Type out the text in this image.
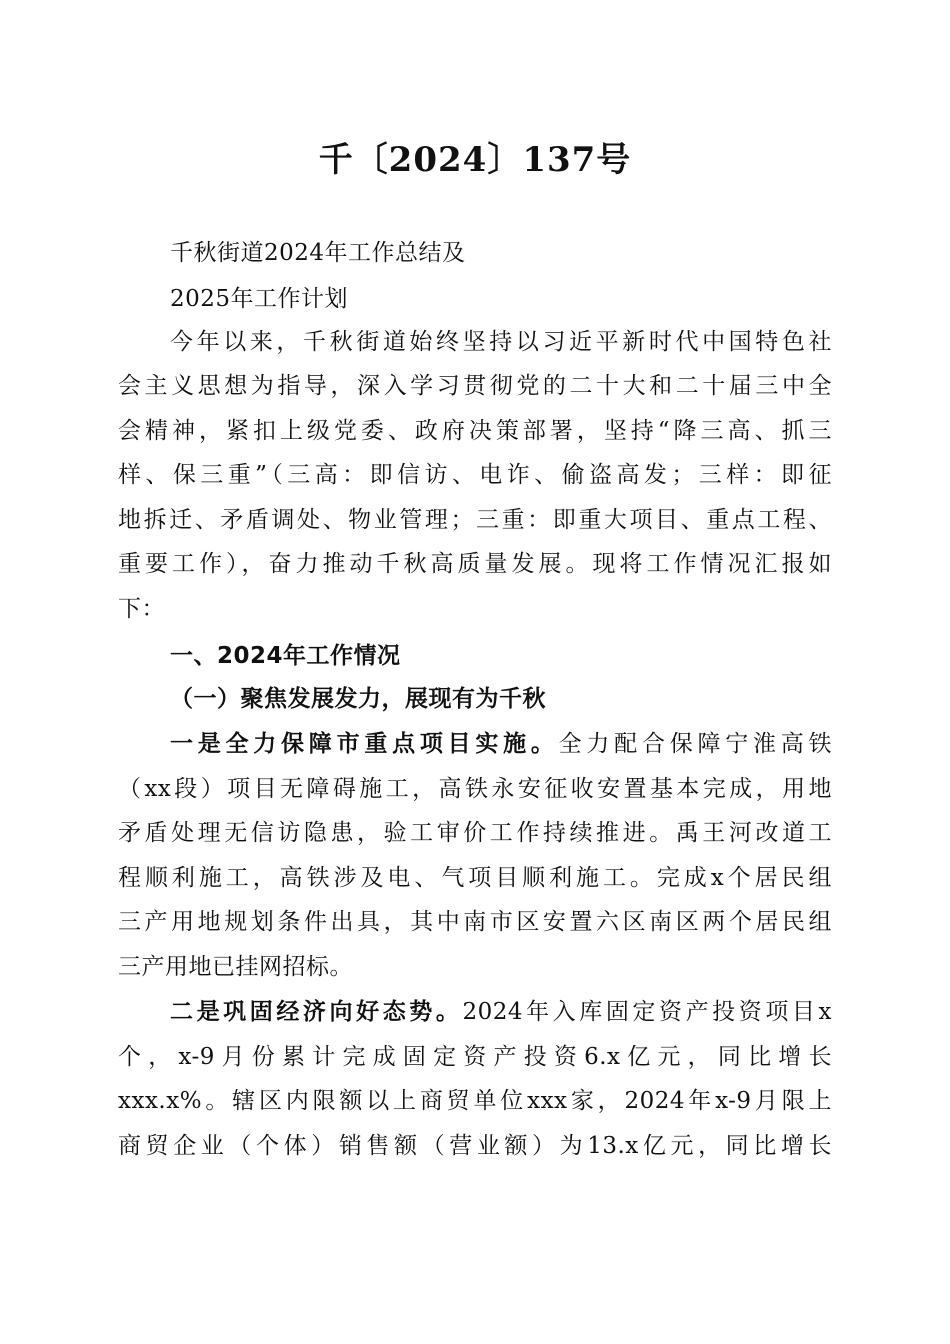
千〔2024〕137号
千秋街道2024年工作总结及
2025年工作计划
今年以来，千秋街道始终坚持以习近平新时代中国特色社
会主义思想为指导，深入学习贯彻党的二十大和二十届三中全
会精神，紧扣上级党委、政府决策部署，坚持“降三高、抓三
样、保三重”（三高：即信访、电诈、偷盗高发；三样：即征
地拆迁、矛盾调处、物业管理；三重：即重大项目、重点工程、
重要工作），奋力推动千秋高质量发展。现将工作情况汇报如
下：
一、2024年工作情况
（一）聚焦发展发力，展现有为千秋
一是全力保障市重点项目实施。全力配合保障宁淮高铁
（xx段）项目无障碍施工，高铁永安征收安置基本完成，用地
矛盾处理无信访隐患，验工审价工作持续推进。禹王河改道工
程顺利施工，高铁涉及电、气项目顺利施工。完成x个居民组
三产用地规划条件出具，其中南市区安置六区南区两个居民组
三产用地已挂网招标。
二是巩固经济向好态势。2024年入库固定资产投资项目x
个，x-9月份累计完成固定资产投资6.x亿元，同比增长
xxx.x%。辖区内限额以上商贸单位xxx家，2024年x-9月限上
商贸企业（个体）销售额（营业额）为13.x亿元，同比增长
